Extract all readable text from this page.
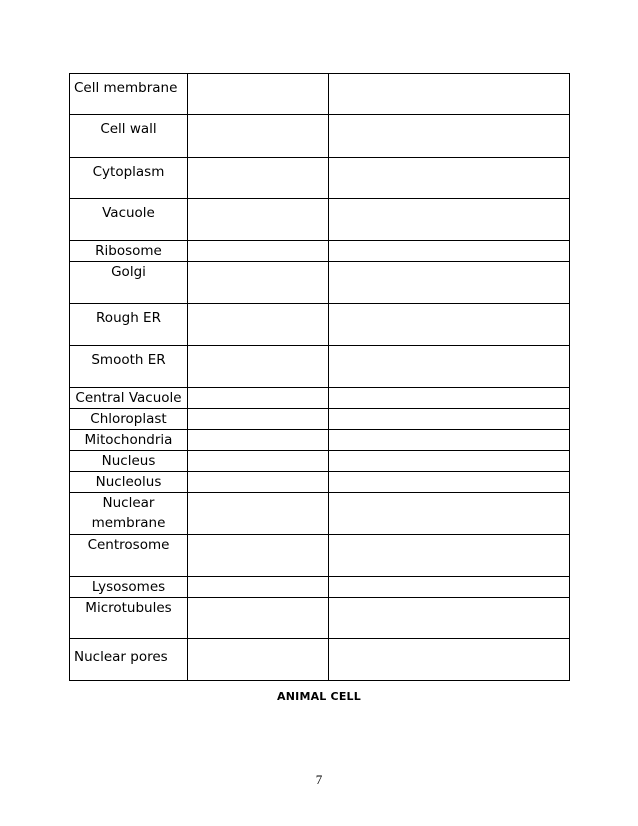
Cell membrane		
Cell wall		
Cytoplasm		
Vacuole		
Ribosome		
Golgi		
Rough ER		
Smooth ER		
Central Vacuole		
Chloroplast		
Mitochondria		
Nucleus		
Nucleolus		
Nuclear membrane		
Centrosome		
Lysosomes		
Microtubules		
Nuclear pores		
ANIMAL CELL
7
